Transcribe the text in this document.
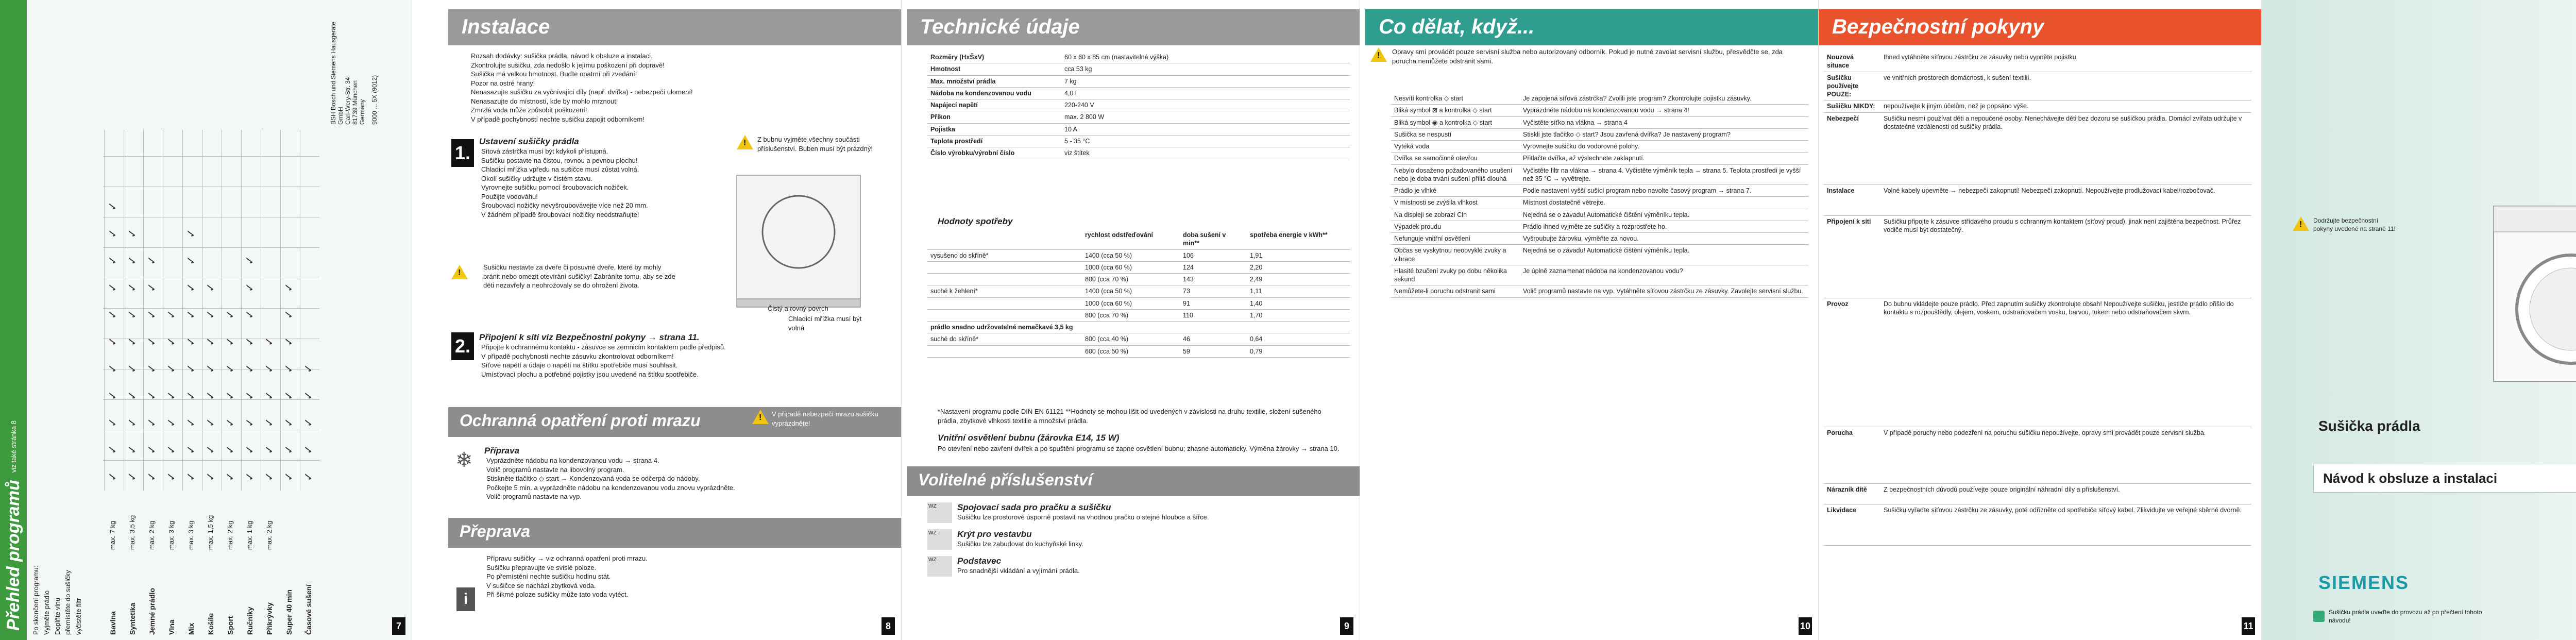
Přehled programů
viz také stránka 8
Po skončení programu: Vyjměte prádlo Doplňte vlnu přemístěte do sušičky vyčistěte filtr	Bavlna	Syntetika	Jemné prádlo	Vlna	Mix	Košile	Sport	Ručníky	Přikrývky	Super 40 min	Časové sušení
max. 7 kg	max. 3,5 kg	max. 2 kg	max. 3 kg	max. 3 kg	max. 1,5 kg	max. 2 kg	max. 1 kg	max. 2 kg
✓✓✓✓✓✓✓✓✓✓✓ ✓✓✓✓✓✓✓✓✓✓ ✓✓✓✓✓✓✓✓✓ ✓✓✓✓✓✓✓ ✓✓✓✓✓✓✓✓✓✓ ✓✓✓✓✓✓✓✓ ✓✓✓✓✓✓✓ ✓✓✓✓✓✓✓✓✓ ✓✓✓✓✓✓ ✓✓✓✓✓✓✓✓ ✓✓✓✓✓
BSH Bosch und Siemens Hausgeräte GmbH
Carl-Wery-Str. 34
81739 München
Germany 9000 ... 5X (9012)
7
Instalace
Rozsah dodávky: sušička prádla, návod k obsluze a instalaci.
Zkontrolujte sušičku, zda nedošlo k jejímu poškození při dopravě!
Sušička má velkou hmotnost. Buďte opatrní při zvedání!
Pozor na ostré hrany!
Nenasazujte sušičku za vyčnívající díly (např. dvířka) - nebezpečí ulomení!
Nenasazujte do místností, kde by mohlo mrznout!
Zmrzlá voda může způsobit poškození!
V případě pochybností nechte sušičku zapojit odborníkem!
1.
Ustavení sušičky prádla
Sítová zástrčka musí být kdykoli přístupná.
Sušičku postavte na čistou, rovnou a pevnou plochu!
Chladicí mřížka vpředu na sušičce musí zůstat volná.
Okolí sušičky udržujte v čistém stavu.
Vyrovnejte sušičku pomocí šroubovacích nožiček.
Použijte vodováhu!
Šroubovací nožičky nevyšroubovávejte více než 20 mm.
V žádném případě šroubovací nožičky neodstraňujte!
!
Z bubnu vyjměte všechny součásti příslušenství. Buben musí být prázdný!
Čistý a rovný povrch
Chladicí mřížka musí být volná
!
Sušičku nestavte za dveře či posuvné dveře, které by mohly bránit nebo omezit otevírání sušičky! Zabráníte tomu, aby se zde děti nezavřely a neohrožovaly se do ohrožení života.
2. Připojení k síti viz Bezpečnostní pokyny → strana 11.
Připojte k ochrannému kontaktu - zásuvce se zemnicím kontaktem podle předpisů.
V případě pochybností nechte zásuvku zkontrolovat odborníkem!
Síťové napětí a údaje o napětí na štítku spotřebiče musí souhlasit.
Umísťovací plochu a potřebné pojistky jsou uvedené na štítku spotřebiče.
Ochranná opatření proti mrazu
!	V případě nebezpečí mrazu sušičku vyprázdněte!
❄ Příprava
Vyprázdněte nádobu na kondenzovanou vodu → strana 4.
Volič programů nastavte na libovolný program.
Stiskněte tlačítko ◇ start → Kondenzovaná voda se odčerpá do nádoby.
Počkejte 5 min. a vyprázdněte nádobu na kondenzovanou vodu znovu vyprázdněte.
Volič programů nastavte na vyp.
Přeprava
Přípravu sušičky → viz ochranná opatření proti mrazu.
Sušičku přepravujte ve svislé poloze.
Po přemístění nechte sušičku hodinu stát.
V sušičce se nachází zbytková voda.
Při šikmé poloze sušičky může tato voda vytéct.
i
8
Technické údaje
Rozměry (HxŠxV)	60 x 60 x 85 cm (nastavitelná výška)
Hmotnost	cca 53 kg
Max. množství prádla	7 kg
Nádoba na kondenzovanou vodu	4,0 l
Napájecí napětí	220-240 V
Příkon	max. 2 800 W
Pojistka	10 A
Teplota prostředí	5 - 35 °C
Číslo výrobku/výrobní číslo	viz štítek
Hodnoty spotřeby
rychlost odstřeďování	doba sušení v min**
spotřeba energie v kWh**
vysušeno do skříně*	1400 (cca 50 %)	106	1,91
1000 (cca 60 %)	124	2,20
800 (cca 70 %)	143	2,49
suché k žehlení*	1400 (cca 50 %)	73	1,11
1000 (cca 60 %)	91	1,40
800 (cca 70 %)	110	1,70
prádlo snadno udržovatelné nemačkavé 3,5 kg
suché do skříně*	800 (cca 40 %)	46	0,64
600 (cca 50 %)	59	0,79
*Nastavení programu podle DIN EN 61121 **Hodnoty se mohou lišit od uvedených v závislosti na druhu textilie, složení sušeného prádla, zbytkové vlhkosti textilie a množství prádla.
Vnitřní osvětlení bubnu (žárovka E14, 15 W)
Po otevření nebo zavření dvířek a po spuštění programu se zapne osvětlení bubnu; zhasne automaticky. Výměna žárovky → strana 10.
Volitelné příslušenství
WZ	Spojovací sada pro pračku a sušičku
Sušičku lze prostorově úsporně postavit na vhodnou pračku o stejné hloubce a šířce.
WZ	Krýt pro vestavbu
Sušičku lze zabudovat do kuchyňské linky.
WZ	Podstavec
Pro snadnější vkládání a vyjímání prádla.
9
Co dělat, když...
!
Opravy smí provádět pouze servisní služba nebo autorizovaný odborník. Pokud je nutné zavolat servisní službu, přesvědčte se, zda porucha nemůžete odstranit sami.
Nesvítí kontrolka ◇ start	Je zapojená síťová zástrčka? Zvolili jste program? Zkontrolujte pojistku zásuvky.
Bliká symbol ⊠ a kontrolka ◇ start	Vyprázdněte nádobu na kondenzovanou vodu → strana 4!
Bliká symbol ◉ a kontrolka ◇ start	Vyčistěte síťko na vlákna → strana 4
Sušička se nespustí	Stiskli jste tlačítko ◇ start? Jsou zavřená dvířka? Je nastavený program?
Vytéká voda	Vyrovnejte sušičku do vodorovné polohy.
Dvířka se samočinně otevřou	Přitlačte dvířka, až výslechnete zaklapnutí.
Nebylo dosaženo požadovaného usušení nebo je doba trvání sušení příliš dlouhá
Vyčistěte filtr na vlákna → strana 4. Vyčistěte výměník tepla → strana 5. Teplota prostředí je vyšší než 35 °C → vyvětrejte.
Prádlo je vlhké	Podle nastavení vyšší sušící program nebo navolte časový program → strana 7.
V místnosti se zvýšila vlhkost	Místnost dostatečně větrejte.
Na displeji se zobrazí Cln	Nejedná se o závadu! Automatické čištění výměníku tepla.
Výpadek proudu	Prádlo ihned vyjměte ze sušičky a rozprostřete ho.
Nefunguje vnitřní osvětlení	Vyšroubujte žárovku, výměňte za novou.
Občas se vyskytnou neobvyklé zvuky a vibrace
Nejedná se o závadu! Automatické čištění výměníku tepla.
Hlasité bzučení zvuky po dobu několika sekund
Je úplně zaznamenat nádoba na kondenzovanou vodu?
Nemůžete-li poruchu odstranit sami	Volič programů nastavte na vyp. Vytáhněte síťovou zástrčku ze zásuvky. Zavolejte servisní službu.
10
Bezpečnostní pokyny
Nouzová situace
Ihned vytáhněte síťovou zástrčku ze zásuvky nebo vypněte pojistku.
Sušičku používejte POUZE:
ve vnitřních prostorech domácnosti, k sušení textilií.
Sušičku NIKDY:	nepoužívejte k jiným účelům, než je popsáno výše.
Nebezpečí	Sušičku nesmí používat děti a nepoučené osoby. Nenechávejte děti bez dozoru se sušičkou prádla. Domácí zvířata udržujte v dostatečné vzdálenosti od sušičky prádla.
Instalace	Volné kabely upevněte → nebezpečí zakopnutí! Nebezpečí zakopnutí. Nepoužívejte prodlužovací kabel/rozbočovač.
Připojení k síti	Sušičku připojte k zásuvce střídavého proudu s ochranným kontaktem (síťový proud), jinak není zajištěna bezpečnost. Průřez vodiče musí být dostatečný.
Provoz	Do bubnu vkládejte pouze prádlo. Před zapnutím sušičky zkontrolujte obsah! Nepoužívejte sušičku, jestliže prádlo přišlo do kontaktu s rozpouštědly, olejem, voskem, odstraňovačem vosku, barvou, tukem nebo odstraňovačem skvrn.
Porucha	V případě poruchy nebo podezření na poruchu sušičku nepoužívejte, opravy smí provádět pouze servisní služba.
Nárazník dítě	Z bezpečnostních důvodů používejte pouze originální náhradní díly a příslušenství.
Likvidace	Sušičku vyřaďte síťovou zástrčku ze zásuvky, poté odřízněte od spotřebiče síťový kabel. Zlikvidujte ve veřejné sběrné dvorně.
11
!
Dodržujte bezpečnostní pokyny uvedené na straně 11!
Sušička prádla
Návod k obsluze a instalaci
SIEMENS
Sušičku prádla uveďte do provozu až po přečtení tohoto návodu!
